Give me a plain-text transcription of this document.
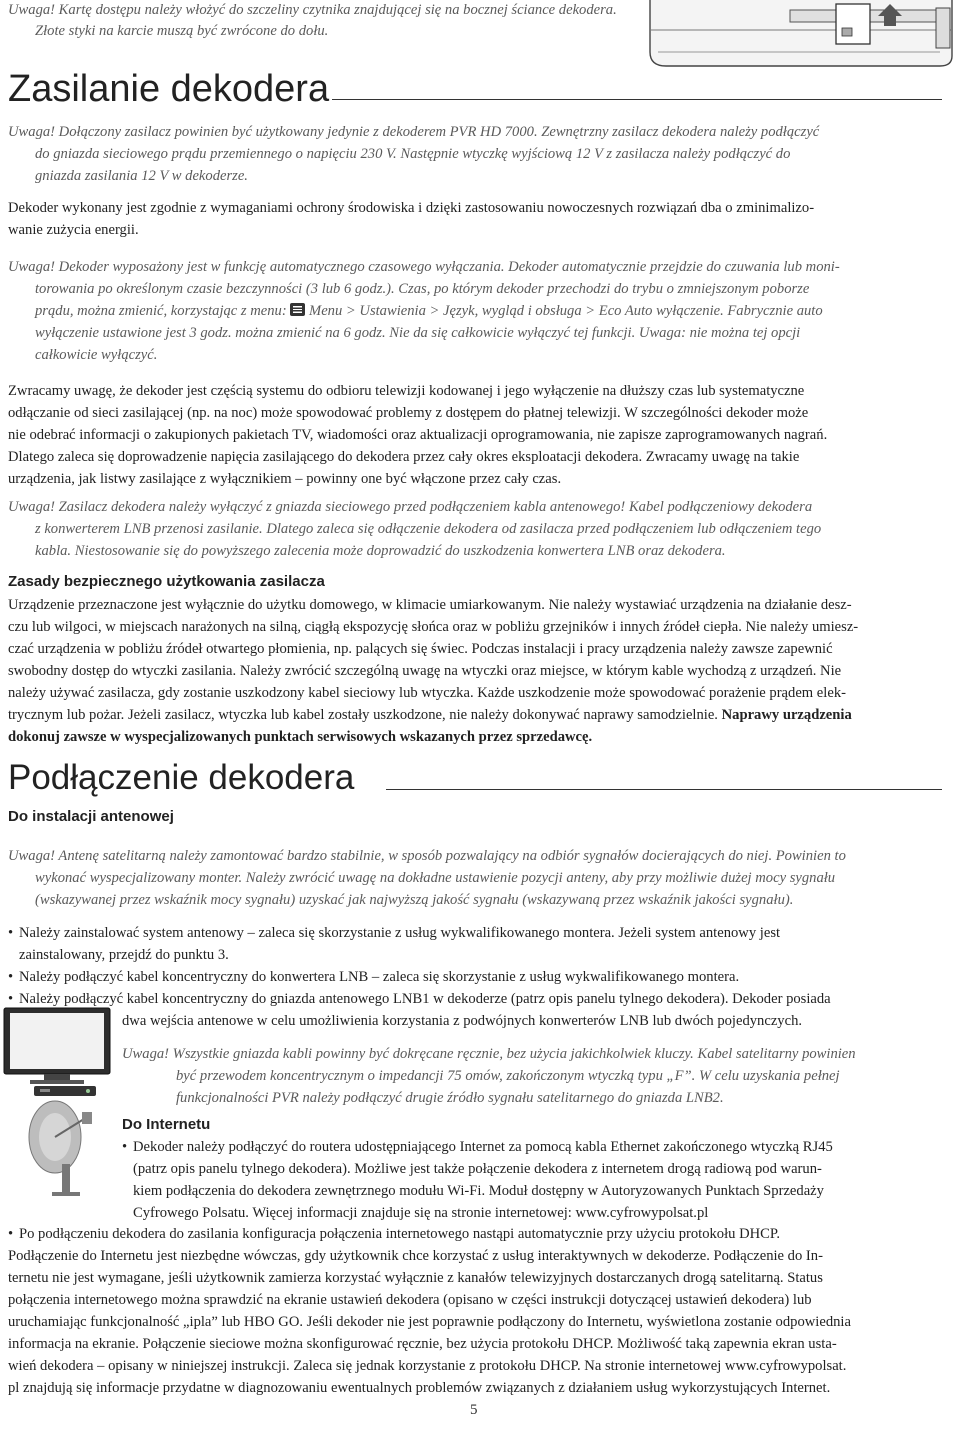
Uwaga! Kartę dostępu należy włożyć do szczeliny czytnika znajdującej się na bocznej ściance dekodera.
Złote styki na karcie muszą być zwrócone do dołu.
Zasilanie dekodera
Uwaga! Dołączony zasilacz powinien być użytkowany jedynie z dekoderem PVR HD 7000. Zewnętrzny zasilacz dekodera należy podłączyć
do gniazda sieciowego prądu przemiennego o napięciu 230 V. Następnie wtyczkę wyjściową 12 V z zasilacza należy podłączyć do
gniazda zasilania 12 V w dekoderze.
Dekoder wykonany jest zgodnie z wymaganiami ochrony środowiska i dzięki zastosowaniu nowoczesnych rozwiązań dba o zminimalizo-
wanie zużycia energii.
Uwaga! Dekoder wyposażony jest w funkcję automatycznego czasowego wyłączania. Dekoder automatycznie przejdzie do czuwania lub moni-
torowania po określonym czasie bezczynności (3 lub 6 godz.). Czas, po którym dekoder przechodzi do trybu o zmniejszonym poborze
prądu, można zmienić, korzystając z menu: Menu > Ustawienia > Język, wygląd i obsługa > Eco Auto wyłączenie. Fabrycznie auto
wyłączenie ustawione jest 3 godz. można zmienić na 6 godz. Nie da się całkowicie wyłączyć tej funkcji. Uwaga: nie można tej opcji
całkowicie wyłączyć.
Zwracamy uwagę, że dekoder jest częścią systemu do odbioru telewizji kodowanej i jego wyłączenie na dłuższy czas lub systematyczne
odłączanie od sieci zasilającej (np. na noc) może spowodować problemy z dostępem do płatnej telewizji. W szczególności dekoder może
nie odebrać informacji o zakupionych pakietach TV, wiadomości oraz aktualizacji oprogramowania, nie zapisze zaprogramowanych nagrań.
Dlatego zaleca się doprowadzenie napięcia zasilającego do dekodera przez cały okres eksploatacji dekodera. Zwracamy uwagę na takie
urządzenia, jak listwy zasilające z wyłącznikiem – powinny one być włączone przez cały czas.
Uwaga! Zasilacz dekodera należy wyłączyć z gniazda sieciowego przed podłączeniem kabla antenowego! Kabel podłączeniowy dekodera
z konwerterem LNB przenosi zasilanie. Dlatego zaleca się odłączenie dekodera od zasilacza przed podłączeniem lub odłączeniem tego
kabla. Niestosowanie się do powyższego zalecenia może doprowadzić do uszkodzenia konwertera LNB oraz dekodera.
Zasady bezpiecznego użytkowania zasilacza
Urządzenie przeznaczone jest wyłącznie do użytku domowego, w klimacie umiarkowanym. Nie należy wystawiać urządzenia na działanie desz-
czu lub wilgoci, w miejscach narażonych na silną, ciągłą ekspozycję słońca oraz w pobliżu grzejników i innych źródeł ciepła. Nie należy umiesz-
czać urządzenia w pobliżu źródeł otwartego płomienia, np. palących się świec. Podczas instalacji i pracy urządzenia należy zawsze zapewnić
swobodny dostęp do wtyczki zasilania. Należy zwrócić szczególną uwagę na wtyczki oraz miejsce, w którym kable wychodzą z urządzeń. Nie
należy używać zasilacza, gdy zostanie uszkodzony kabel sieciowy lub wtyczka. Każde uszkodzenie może spowodować porażenie prądem elek-
trycznym lub pożar. Jeżeli zasilacz, wtyczka lub kabel zostały uszkodzone, nie należy dokonywać naprawy samodzielnie. Naprawy urządzenia
dokonuj zawsze w wyspecjalizowanych punktach serwisowych wskazanych przez sprzedawcę.
Podłączenie dekodera
Do instalacji antenowej
Uwaga! Antenę satelitarną należy zamontować bardzo stabilnie, w sposób pozwalający na odbiór sygnałów docierających do niej. Powinien to
wykonać wyspecjalizowany monter. Należy zwrócić uwagę na dokładne ustawienie pozycji anteny, aby przy możliwie dużej mocy sygnału
(wskazywanej przez wskaźnik mocy sygnału) uzyskać jak najwyższą jakość sygnału (wskazywaną przez wskaźnik jakości sygnału).
• Należy zainstalować system antenowy – zaleca się skorzystanie z usług wykwalifikowanego montera. Jeżeli system antenowy jest
zainstalowany, przejdź do punktu 3.
• Należy podłączyć kabel koncentryczny do konwertera LNB – zaleca się skorzystanie z usług wykwalifikowanego montera.
• Należy podłączyć kabel koncentryczny do gniazda antenowego LNB1 w dekoderze (patrz opis panelu tylnego dekodera). Dekoder posiada
dwa wejścia antenowe w celu umożliwienia korzystania z podwójnych konwerterów LNB lub dwóch pojedynczych.
Uwaga! Wszystkie gniazda kabli powinny być dokręcane ręcznie, bez użycia jakichkolwiek kluczy. Kabel satelitarny powinien
być przewodem koncentrycznym o impedancji 75 omów, zakończonym wtyczką typu „F”. W celu uzyskania pełnej
funkcjonalności PVR należy podłączyć drugie źródło sygnału satelitarnego do gniazda LNB2.
Do Internetu
• Dekoder należy podłączyć do routera udostępniającego Internet za pomocą kabla Ethernet zakończonego wtyczką RJ45
(patrz opis panelu tylnego dekodera). Możliwe jest także połączenie dekodera z internetem drogą radiową pod warun-
kiem podłączenia do dekodera zewnętrznego modułu Wi-Fi. Moduł dostępny w Autoryzowanych Punktach Sprzedaży
Cyfrowego Polsatu. Więcej informacji znajduje się na stronie internetowej: www.cyfrowypolsat.pl
• Po podłączeniu dekodera do zasilania konfiguracja połączenia internetowego nastąpi automatycznie przy użyciu protokołu DHCP.
Podłączenie do Internetu jest niezbędne wówczas, gdy użytkownik chce korzystać z usług interaktywnych w dekoderze. Podłączenie do In-
ternetu nie jest wymagane, jeśli użytkownik zamierza korzystać wyłącznie z kanałów telewizyjnych dostarczanych drogą satelitarną. Status
połączenia internetowego można sprawdzić na ekranie ustawień dekodera (opisano w części instrukcji dotyczącej ustawień dekodera) lub
uruchamiając funkcjonalność „ipla” lub HBO GO. Jeśli dekoder nie jest poprawnie podłączony do Internetu, wyświetlona zostanie odpowiednia
informacja na ekranie. Połączenie sieciowe można skonfigurować ręcznie, bez użycia protokołu DHCP. Możliwość taką zapewnia ekran usta-
wień dekodera – opisany w niniejszej instrukcji. Zaleca się jednak korzystanie z protokołu DHCP. Na stronie internetowej www.cyfrowypolsat.
pl znajdują się informacje przydatne w diagnozowaniu ewentualnych problemów związanych z działaniem usług wykorzystujących Internet.
5
